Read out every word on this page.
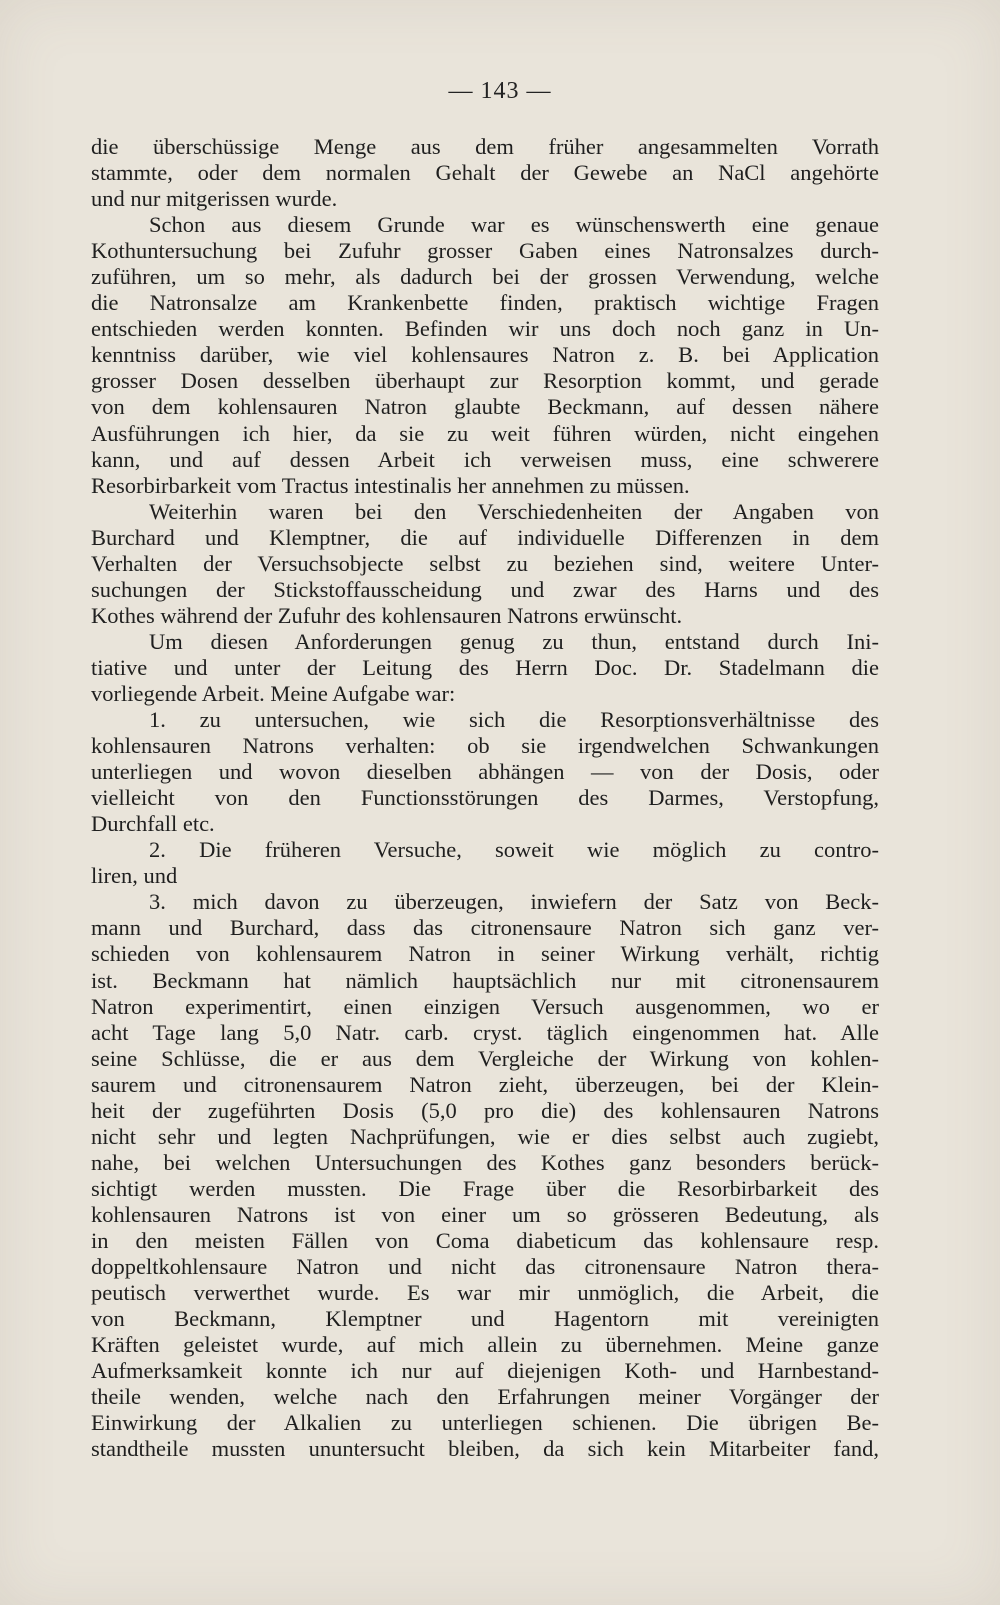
— 143 —
die überschüssige Menge aus dem früher angesammelten Vorrath
stammte, oder dem normalen Gehalt der Gewebe an NaCl angehörte
und nur mitgerissen wurde.
Schon aus diesem Grunde war es wünschenswerth eine genaue
Kothuntersuchung bei Zufuhr grosser Gaben eines Natronsalzes durch-
zuführen, um so mehr, als dadurch bei der grossen Verwendung, welche
die Natronsalze am Krankenbette finden, praktisch wichtige Fragen
entschieden werden konnten. Befinden wir uns doch noch ganz in Un-
kenntniss darüber, wie viel kohlensaures Natron z. B. bei Application
grosser Dosen desselben überhaupt zur Resorption kommt, und gerade
von dem kohlensauren Natron glaubte Beckmann, auf dessen nähere
Ausführungen ich hier, da sie zu weit führen würden, nicht eingehen
kann, und auf dessen Arbeit ich verweisen muss, eine schwerere
Resorbirbarkeit vom Tractus intestinalis her annehmen zu müssen.
Weiterhin waren bei den Verschiedenheiten der Angaben von
Burchard und Klemptner, die auf individuelle Differenzen in dem
Verhalten der Versuchsobjecte selbst zu beziehen sind, weitere Unter-
suchungen der Stickstoffausscheidung und zwar des Harns und des
Kothes während der Zufuhr des kohlensauren Natrons erwünscht.
Um diesen Anforderungen genug zu thun, entstand durch Ini-
tiative und unter der Leitung des Herrn Doc. Dr. Stadelmann die
vorliegende Arbeit. Meine Aufgabe war:
1. zu untersuchen, wie sich die Resorptionsverhältnisse des
kohlensauren Natrons verhalten: ob sie irgendwelchen Schwankungen
unterliegen und wovon dieselben abhängen — von der Dosis, oder
vielleicht von den Functionsstörungen des Darmes, Verstopfung,
Durchfall etc.
2. Die früheren Versuche, soweit wie möglich zu contro-
liren, und
3. mich davon zu überzeugen, inwiefern der Satz von Beck-
mann und Burchard, dass das citronensaure Natron sich ganz ver-
schieden von kohlensaurem Natron in seiner Wirkung verhält, richtig
ist. Beckmann hat nämlich hauptsächlich nur mit citronensaurem
Natron experimentirt, einen einzigen Versuch ausgenommen, wo er
acht Tage lang 5,0 Natr. carb. cryst. täglich eingenommen hat. Alle
seine Schlüsse, die er aus dem Vergleiche der Wirkung von kohlen-
saurem und citronensaurem Natron zieht, überzeugen, bei der Klein-
heit der zugeführten Dosis (5,0 pro die) des kohlensauren Natrons
nicht sehr und legten Nachprüfungen, wie er dies selbst auch zugiebt,
nahe, bei welchen Untersuchungen des Kothes ganz besonders berück-
sichtigt werden mussten. Die Frage über die Resorbirbarkeit des
kohlensauren Natrons ist von einer um so grösseren Bedeutung, als
in den meisten Fällen von Coma diabeticum das kohlensaure resp.
doppeltkohlensaure Natron und nicht das citronensaure Natron thera-
peutisch verwerthet wurde. Es war mir unmöglich, die Arbeit, die
von Beckmann, Klemptner und Hagentorn mit vereinigten
Kräften geleistet wurde, auf mich allein zu übernehmen. Meine ganze
Aufmerksamkeit konnte ich nur auf diejenigen Koth- und Harnbestand-
theile wenden, welche nach den Erfahrungen meiner Vorgänger der
Einwirkung der Alkalien zu unterliegen schienen. Die übrigen Be-
standtheile mussten ununtersucht bleiben, da sich kein Mitarbeiter fand,
